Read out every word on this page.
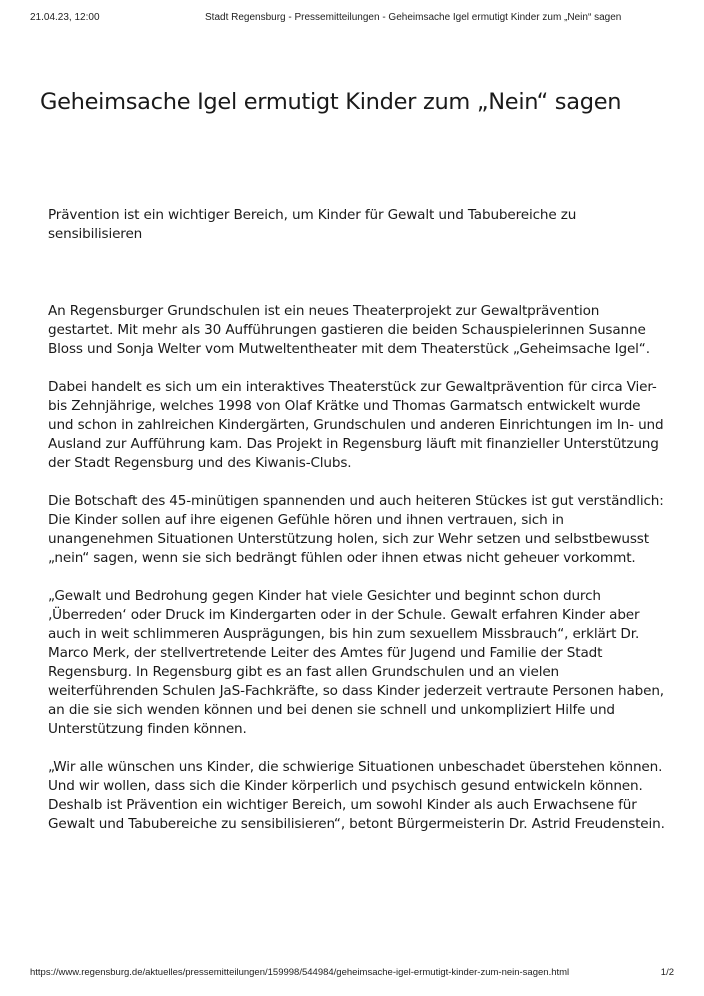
21.04.23, 12:00	Stadt Regensburg - Pressemitteilungen - Geheimsache Igel ermutigt Kinder zum „Nein“ sagen
Geheimsache Igel ermutigt Kinder zum „Nein“ sagen

Prävention ist ein wichtiger Bereich, um Kinder für Gewalt und Tabubereiche zu sensibilisieren

An Regensburger Grundschulen ist ein neues Theaterprojekt zur Gewaltprävention gestartet. Mit mehr als 30 Aufführungen gastieren die beiden Schauspielerinnen Susanne Bloss und Sonja Welter vom Mutweltentheater mit dem Theaterstück „Geheimsache Igel“.

Dabei handelt es sich um ein interaktives Theaterstück zur Gewaltprävention für circa Vier- bis Zehnjährige, welches 1998 von Olaf Krätke und Thomas Garmatsch entwickelt wurde und schon in zahlreichen Kindergärten, Grundschulen und anderen Einrichtungen im In- und Ausland zur Aufführung kam. Das Projekt in Regensburg läuft mit finanzieller Unterstützung der Stadt Regensburg und des Kiwanis-Clubs.

Die Botschaft des 45-minütigen spannenden und auch heiteren Stückes ist gut verständlich: Die Kinder sollen auf ihre eigenen Gefühle hören und ihnen vertrauen, sich in unangenehmen Situationen Unterstützung holen, sich zur Wehr setzen und selbstbewusst „nein“ sagen, wenn sie sich bedrängt fühlen oder ihnen etwas nicht geheuer vorkommt.

„Gewalt und Bedrohung gegen Kinder hat viele Gesichter und beginnt schon durch ‚Überreden‘ oder Druck im Kindergarten oder in der Schule. Gewalt erfahren Kinder aber auch in weit schlimmeren Ausprägungen, bis hin zum sexuellem Missbrauch“, erklärt Dr. Marco Merk, der stellvertretende Leiter des Amtes für Jugend und Familie der Stadt Regensburg. In Regensburg gibt es an fast allen Grundschulen und an vielen weiterführenden Schulen JaS-Fachkräfte, so dass Kinder jederzeit vertraute Personen haben, an die sie sich wenden können und bei denen sie schnell und unkompliziert Hilfe und Unterstützung finden können.

„Wir alle wünschen uns Kinder, die schwierige Situationen unbeschadet überstehen können. Und wir wollen, dass sich die Kinder körperlich und psychisch gesund entwickeln können. Deshalb ist Prävention ein wichtiger Bereich, um sowohl Kinder als auch Erwachsene für Gewalt und Tabubereiche zu sensibilisieren“, betont Bürgermeisterin Dr. Astrid Freudenstein.

https://www.regensburg.de/aktuelles/pressemitteilungen/159998/544984/geheimsache-igel-ermutigt-kinder-zum-nein-sagen.html	1/2
